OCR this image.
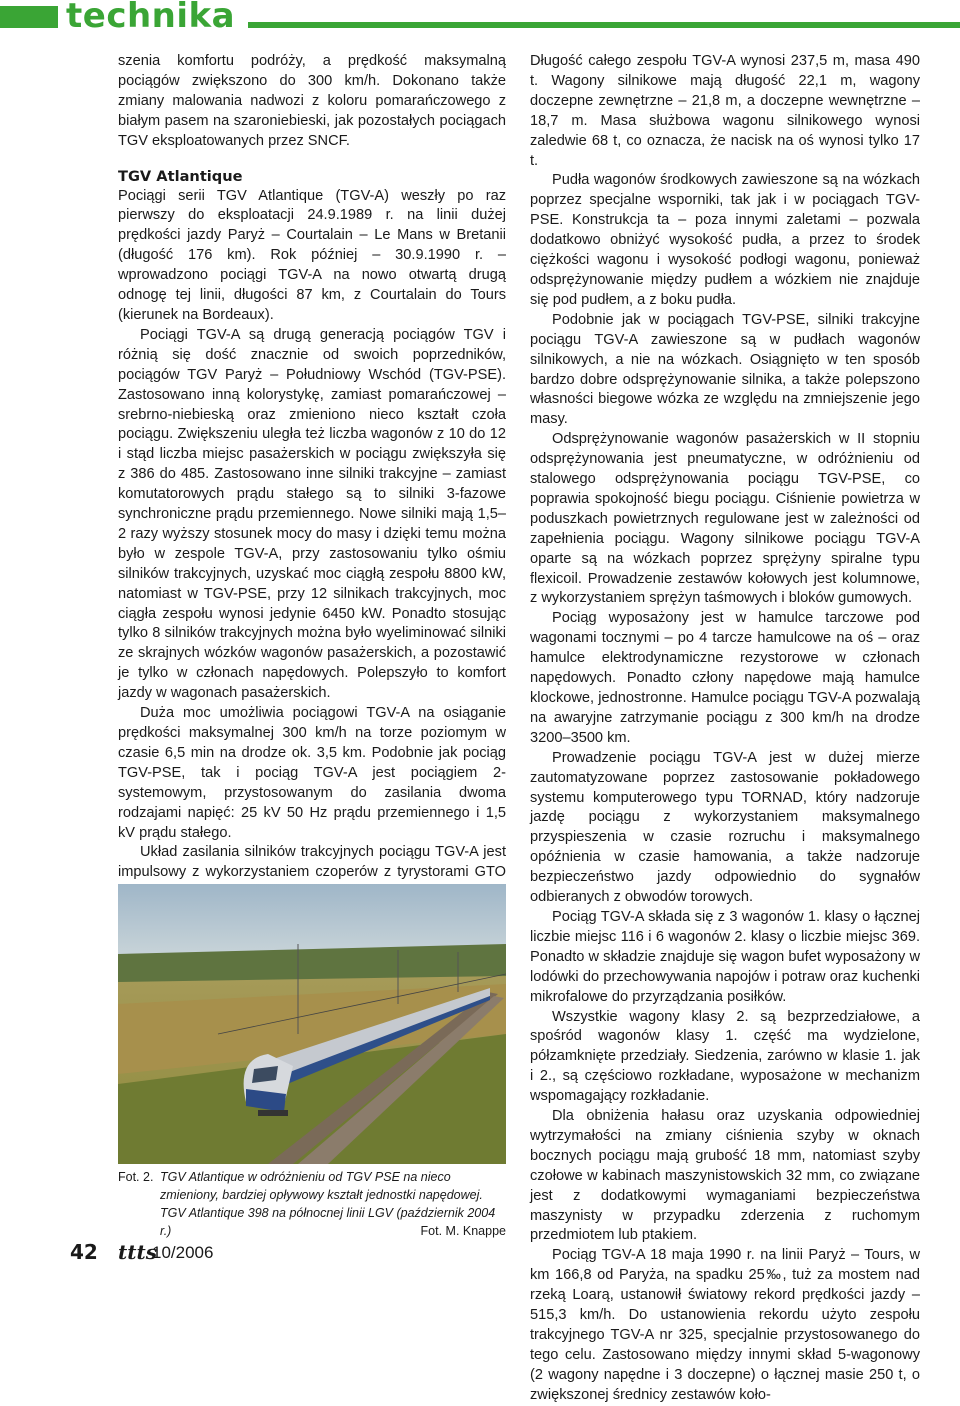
technika

szenia komfortu podróży, a prędkość maksymalną pociągów zwiększono do 300 km/h. Dokonano także zmiany malowania nadwozi z koloru pomarańczowego z białym pasem na szaroniebieski, jak pozostałych pociągach TGV eksploatowanych przez SNCF.

TGV Atlantique

Pociągi serii TGV Atlantique (TGV-A) weszły po raz pierwszy do eksploatacji 24.9.1989 r. na linii dużej prędkości jazdy Paryż – Courtalain – Le Mans w Bretanii (długość 176 km). Rok później – 30.9.1990 r. – wprowadzono pociągi TGV-A na nowo otwartą drugą odnogę tej linii, długości 87 km, z Courtalain do Tours (kierunek na Bordeaux).

Pociągi TGV-A są drugą generacją pociągów TGV i różnią się dość znacznie od swoich poprzedników, pociągów TGV Paryż – Południowy Wschód (TGV-PSE). Zastosowano inną kolorystykę, zamiast pomarańczowej – srebrno-niebieską oraz zmieniono nieco kształt czoła pociągu. Zwiększeniu uległa też liczba wagonów z 10 do 12 i stąd liczba miejsc pasażerskich w pociągu zwiększyła się z 386 do 485. Zastosowano inne silniki trakcyjne – zamiast komutatorowych prądu stałego są to silniki 3-fazowe synchroniczne prądu przemiennego. Nowe silniki mają 1,5–2 razy wyższy stosunek mocy do masy i dzięki temu można było w zespole TGV-A, przy zastosowaniu tylko ośmiu silników trakcyjnych, uzyskać moc ciągłą zespołu 8800 kW, natomiast w TGV-PSE, przy 12 silnikach trakcyjnych, moc ciągła zespołu wynosi jedynie 6450 kW. Ponadto stosując tylko 8 silników trakcyjnych można było wyeliminować silniki ze skrajnych wózków wagonów pasażerskich, a pozostawić je tylko w członach napędowych. Polepszyło to komfort jazdy w wagonach pasażerskich.

Duża moc umożliwia pociągowi TGV-A na osiąganie prędkości maksymalnej 300 km/h na torze poziomym w czasie 6,5 min na drodze ok. 3,5 km. Podobnie jak pociąg TGV-PSE, tak i pociąg TGV-A jest pociągiem 2-systemowym, przystosowanym do zasilania dwoma rodzajami napięć: 25 kV 50 Hz prądu przemiennego i 1,5 kV prądu stałego.

Układ zasilania silników trakcyjnych pociągu TGV-A jest impulsowy z wykorzystaniem czoperów z tyrystorami GTO

Fot. 2. TGV Atlantique w odróżnieniu od TGV PSE na nieco zmieniony, bardziej opływowy kształt jednostki napędowej. TGV Atlantique 398 na północnej linii LGV (październik 2004 r.)	Fot. M. Knappe

Długość całego zespołu TGV-A wynosi 237,5 m, masa 490 t. Wagony silnikowe mają długość 22,1 m, wagony doczepne zewnętrzne – 21,8 m, a doczepne wewnętrzne – 18,7 m. Masa służbowa wagonu silnikowego wynosi zaledwie 68 t, co oznacza, że nacisk na oś wynosi tylko 17 t.

Pudła wagonów środkowych zawieszone są na wózkach poprzez specjalne wsporniki, tak jak i w pociągach TGV-PSE. Konstrukcja ta – poza innymi zaletami – pozwala dodatkowo obniżyć wysokość pudła, a przez to środek ciężkości wagonu i wysokość podłogi wagonu, ponieważ odsprężynowanie między pudłem a wózkiem nie znajduje się pod pudłem, a z boku pudła.

Podobnie jak w pociągach TGV-PSE, silniki trakcyjne pociągu TGV-A zawieszone są w pudłach wagonów silnikowych, a nie na wózkach. Osiągnięto w ten sposób bardzo dobre odsprężynowanie silnika, a także polepszono własności biegowe wózka ze względu na zmniejszenie jego masy.

Odsprężynowanie wagonów pasażerskich w II stopniu odsprężynowania jest pneumatyczne, w odróżnieniu od stalowego odsprężynowania pociągu TGV-PSE, co poprawia spokojność biegu pociągu. Ciśnienie powietrza w poduszkach powietrznych regulowane jest w zależności od zapełnienia pociągu. Wagony silnikowe pociągu TGV-A oparte są na wózkach poprzez sprężyny spiralne typu flexicoil. Prowadzenie zestawów kołowych jest kolumnowe, z wykorzystaniem sprężyn taśmowych i bloków gumowych.

Pociąg wyposażony jest w hamulce tarczowe pod wagonami tocznymi – po 4 tarcze hamulcowe na oś – oraz hamulce elektrodynamiczne rezystorowe w członach napędowych. Ponadto człony napędowe mają hamulce klockowe, jednostronne. Hamulce pociągu TGV-A pozwalają na awaryjne zatrzymanie pociągu z 300 km/h na drodze 3200–3500 km.

Prowadzenie pociągu TGV-A jest w dużej mierze zautomatyzowane poprzez zastosowanie pokładowego systemu komputerowego typu TORNAD, który nadzoruje jazdę pociągu z wykorzystaniem maksymalnego przyspieszenia w czasie rozruchu i maksymalnego opóźnienia w czasie hamowania, a także nadzoruje bezpieczeństwo jazdy odpowiednio do sygnałów odbieranych z obwodów torowych.

Pociąg TGV-A składa się z 3 wagonów 1. klasy o łącznej liczbie miejsc 116 i 6 wagonów 2. klasy o liczbie miejsc 369. Ponadto w składzie znajduje się wagon bufet wyposażony w lodówki do przechowywania napojów i potraw oraz kuchenki mikrofalowe do przyrządzania posiłków.

Wszystkie wagony klasy 2. są bezprzedziałowe, a spośród wagonów klasy 1. część ma wydzielone, półzamknięte przedziały. Siedzenia, zarówno w klasie 1. jak i 2., są częściowo rozkładane, wyposażone w mechanizm wspomagający rozkładanie.

Dla obniżenia hałasu oraz uzyskania odpowiedniej wytrzymałości na zmiany ciśnienia szyby w oknach bocznych pociągu mają grubość 18 mm, natomiast szyby czołowe w kabinach maszynistowskich 32 mm, co związane jest z dodatkowymi wymaganiami bezpieczeństwa maszynisty w przypadku zderzenia z ruchomym przedmiotem lub ptakiem.

Pociąg TGV-A 18 maja 1990 r. na linii Paryż – Tours, w km 166,8 od Paryża, na spadku 25‰, tuż za mostem nad rzeką Loarą, ustanowił światowy rekord prędkości jazdy – 515,3 km/h. Do ustanowienia rekordu użyto zespołu trakcyjnego TGV-A nr 325, specjalnie przystosowanego do tego celu. Zastosowano między innymi skład 5-wagonowy (2 wagony napędne i 3 doczepne) o łącznej masie 250 t, o zwiększonej średnicy zestawów koło-

42 ttts
10/2006
